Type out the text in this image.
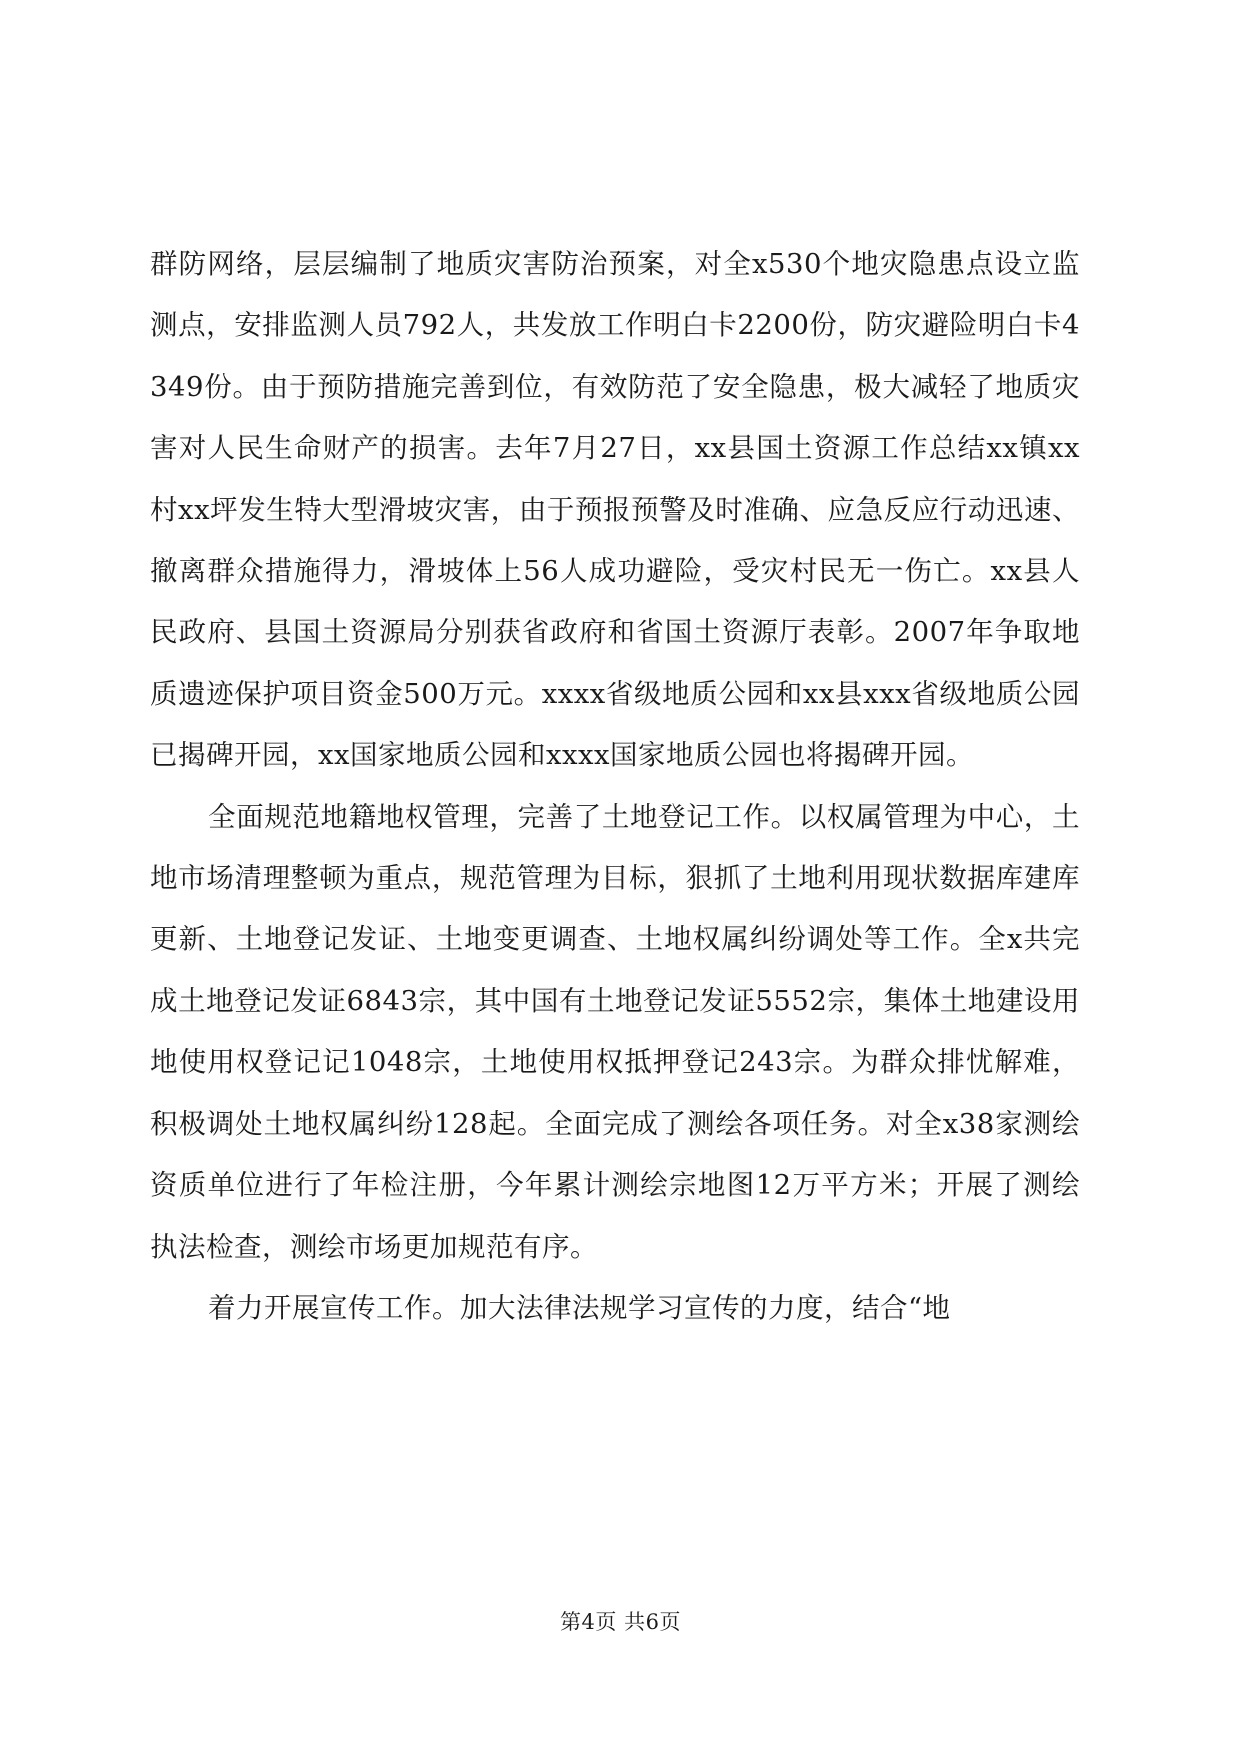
群防网络，层层编制了地质灾害防治预案，对全x530个地灾隐患点设立监测点，安排监测人员792人，共发放工作明白卡2200份，防灾避险明白卡4349份。由于预防措施完善到位，有效防范了安全隐患，极大减轻了地质灾害对人民生命财产的损害。去年7月27日，xx县国土资源工作总结xx镇xx村xx坪发生特大型滑坡灾害，由于预报预警及时准确、应急反应行动迅速、撤离群众措施得力，滑坡体上56人成功避险，受灾村民无一伤亡。xx县人民政府、县国土资源局分别获省政府和省国土资源厅表彰。2007年争取地质遗迹保护项目资金500万元。xxxx省级地质公园和xx县xxx省级地质公园已揭碑开园，xx国家地质公园和xxxx国家地质公园也将揭碑开园。

全面规范地籍地权管理，完善了土地登记工作。以权属管理为中心，土地市场清理整顿为重点，规范管理为目标，狠抓了土地利用现状数据库建库更新、土地登记发证、土地变更调查、土地权属纠纷调处等工作。全x共完成土地登记发证6843宗，其中国有土地登记发证5552宗，集体土地建设用地使用权登记记1048宗，土地使用权抵押登记243宗。为群众排忧解难，积极调处土地权属纠纷128起。全面完成了测绘各项任务。对全x38家测绘资质单位进行了年检注册，今年累计测绘宗地图12万平方米；开展了测绘执法检查，测绘市场更加规范有序。

着力开展宣传工作。加大法律法规学习宣传的力度，结合“地

第4页 共6页
